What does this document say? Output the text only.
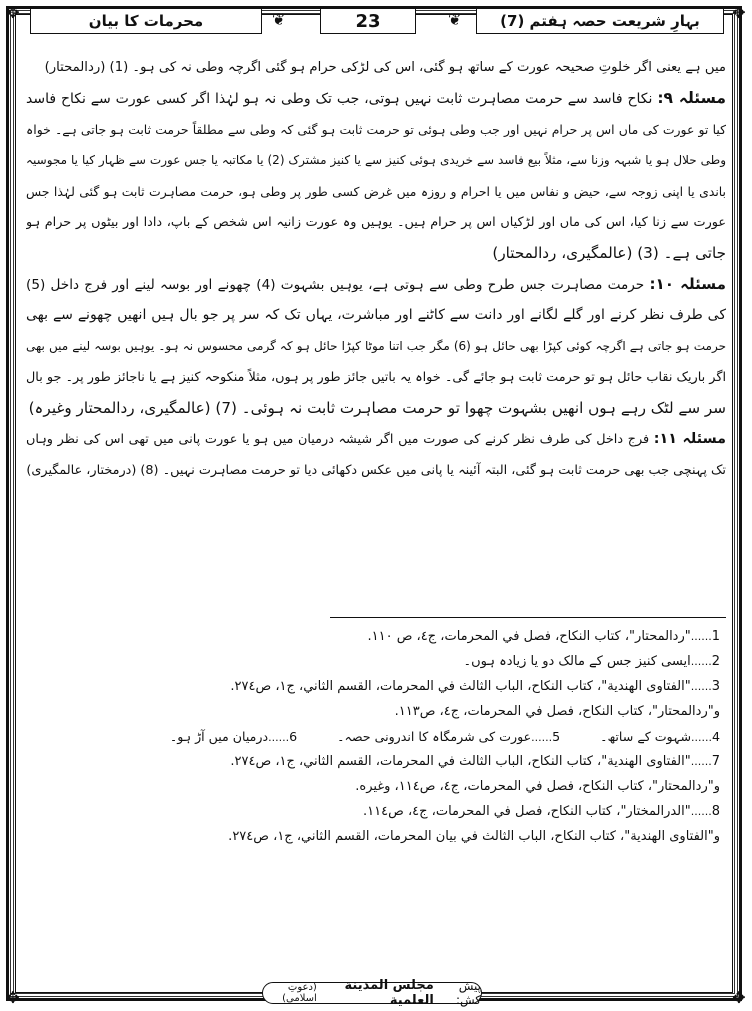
✥	✥
✥	✥
محرمات کا بیان	❦	23	❦	بہارِ شریعت حصہ ہفتم (7)
میں ہے یعنی اگر خلوتِ صحیحہ عورت کے ساتھ ہو گئی، اس کی لڑکی حرام ہو گئی اگرچہ وطی نہ کی ہو۔ (1) (ردالمحتار)
مسئلہ ۹: نکاح فاسد سے حرمت مصاہرت ثابت نہیں ہوتی، جب تک وطی نہ ہو لہٰذا اگر کسی عورت سے نکاح فاسد
کیا تو عورت کی ماں اس پر حرام نہیں اور جب وطی ہوئی تو حرمت ثابت ہو گئی کہ وطی سے مطلقاً حرمت ثابت ہو جاتی ہے۔ خواہ
وطی حلال ہو یا شبہہ وزنا سے، مثلاً بیع فاسد سے خریدی ہوئی کنیز سے یا کنیز مشترک (2) یا مکاتبہ یا جس عورت سے ظہار کیا یا مجوسیہ
باندی یا اپنی زوجہ سے، حیض و نفاس میں یا احرام و روزہ میں غرض کسی طور پر وطی ہو، حرمت مصاہرت ثابت ہو گئی لہٰذا جس
عورت سے زنا کیا، اس کی ماں اور لڑکیاں اس پر حرام ہیں۔ یوہیں وہ عورت زانیہ اس شخص کے باپ، دادا اور بیٹوں پر حرام ہو
جاتی ہے۔ (3) (عالمگیری، ردالمحتار)
مسئلہ ۱۰: حرمت مصاہرت جس طرح وطی سے ہوتی ہے، یوہیں بشہوت (4) چھونے اور بوسہ لینے اور فرج داخل (5)
کی طرف نظر کرنے اور گلے لگانے اور دانت سے کاٹنے اور مباشرت، یہاں تک کہ سر پر جو بال ہیں انھیں چھونے سے بھی
حرمت ہو جاتی ہے اگرچہ کوئی کپڑا بھی حائل ہو (6) مگر جب اتنا موٹا کپڑا حائل ہو کہ گرمی محسوس نہ ہو۔ یوہیں بوسہ لینے میں بھی
اگر باریک نقاب حائل ہو تو حرمت ثابت ہو جائے گی۔ خواہ یہ باتیں جائز طور پر ہوں، مثلاً منکوحہ کنیز ہے یا ناجائز طور پر۔ جو بال
سر سے لٹک رہے ہوں انھیں بشہوت چھوا تو حرمت مصاہرت ثابت نہ ہوئی۔ (7) (عالمگیری، ردالمحتار وغیرہ)
مسئلہ ۱۱: فرج داخل کی طرف نظر کرنے کی صورت میں اگر شیشہ درمیان میں ہو یا عورت پانی میں تھی اس کی نظر وہاں
تک پہنچی جب بھی حرمت ثابت ہو گئی، البتہ آئینہ یا پانی میں عکس دکھائی دیا تو حرمت مصاہرت نہیں۔ (8) (درمختار، عالمگیری)
1......"ردالمحتار"، كتاب النكاح، فصل في المحرمات، ج٤، ص ١١٠.
2......ایسی کنیز جس کے مالک دو یا زیادہ ہوں۔
3......"الفتاوى الهندية"، كتاب النكاح، الباب الثالث في المحرمات، القسم الثاني، ج١، ص٢٧٤.
و"ردالمحتار"، كتاب النكاح، فصل في المحرمات، ج٤، ص١١٣.
4......شہوت کے ساتھ۔5......عورت کی شرمگاہ کا اندرونی حصہ۔6......درمیان میں آڑ ہو۔
7......"الفتاوى الهندية"، كتاب النكاح، الباب الثالث في المحرمات، القسم الثاني، ج١، ص٢٧٤.
و"ردالمحتار"، كتاب النكاح، فصل في المحرمات، ج٤، ص١١٤، وغيره.
8......"الدرالمختار"، كتاب النكاح، فصل في المحرمات، ج٤، ص١١٤.
و"الفتاوى الهندية"، كتاب النكاح، الباب الثالث في بيان المحرمات، القسم الثاني، ج١، ص٢٧٤.
پیش کش:
مجلس المدينة العلمية
(دعوتِ اسلامی)
